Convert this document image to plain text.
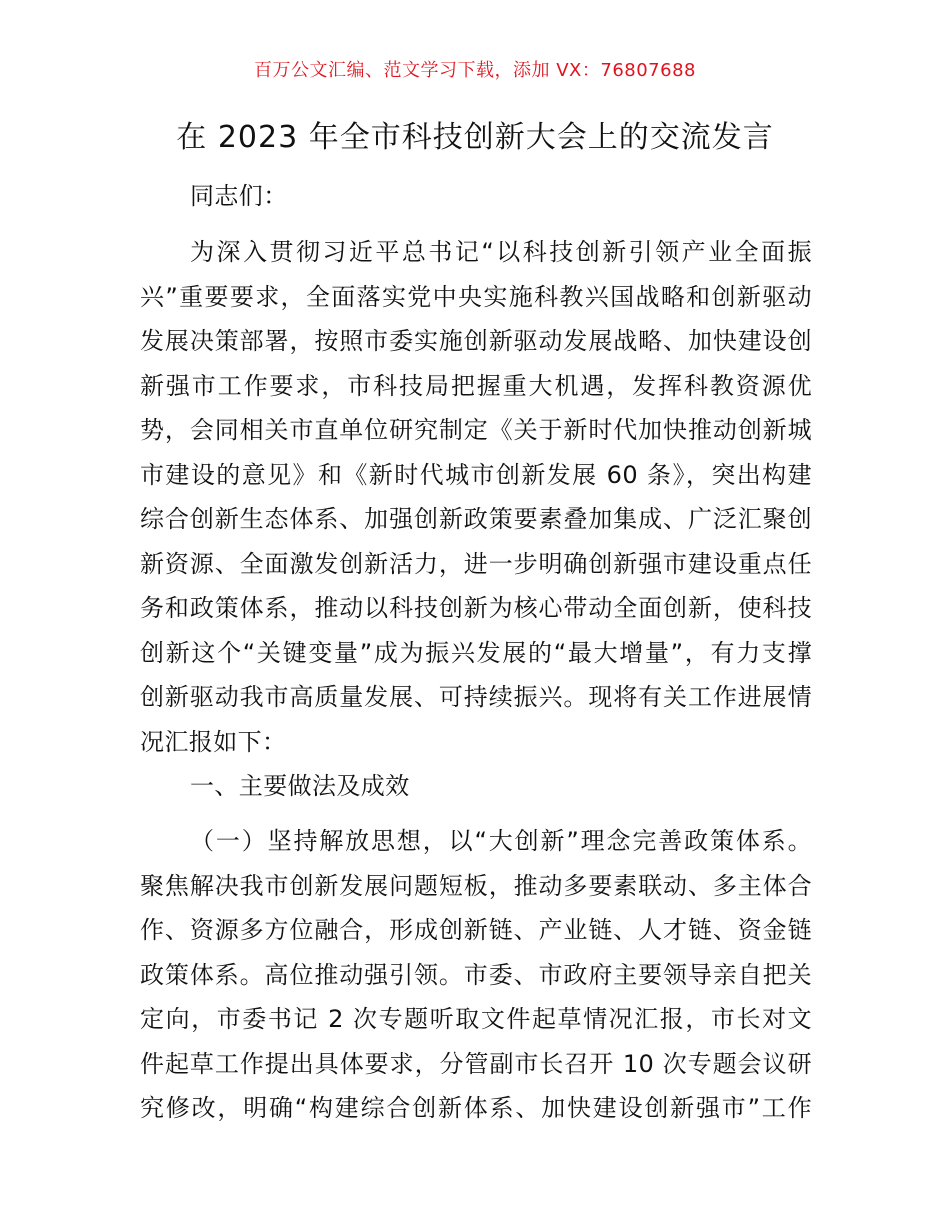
百万公文汇编、范文学习下载，添加 VX：76807688
在 2023 年全市科技创新大会上的交流发言
同志们：
为深入贯彻习近平总书记“以科技创新引领产业全面振
兴”重要要求，全面落实党中央实施科教兴国战略和创新驱动
发展决策部署，按照市委实施创新驱动发展战略、加快建设创
新强市工作要求，市科技局把握重大机遇，发挥科教资源优
势，会同相关市直单位研究制定《关于新时代加快推动创新城
市建设的意见》和《新时代城市创新发展 60 条》，突出构建
综合创新生态体系、加强创新政策要素叠加集成、广泛汇聚创
新资源、全面激发创新活力，进一步明确创新强市建设重点任
务和政策体系，推动以科技创新为核心带动全面创新，使科技
创新这个“关键变量”成为振兴发展的“最大增量”，有力支撑
创新驱动我市高质量发展、可持续振兴。现将有关工作进展情
况汇报如下：
一、主要做法及成效
（一）坚持解放思想，以“大创新”理念完善政策体系。
聚焦解决我市创新发展问题短板，推动多要素联动、多主体合
作、资源多方位融合，形成创新链、产业链、人才链、资金链
政策体系。高位推动强引领。市委、市政府主要领导亲自把关
定向，市委书记 2 次专题听取文件起草情况汇报，市长对文
件起草工作提出具体要求，分管副市长召开 10 次专题会议研
究修改，明确“构建综合创新体系、加快建设创新强市”工作
